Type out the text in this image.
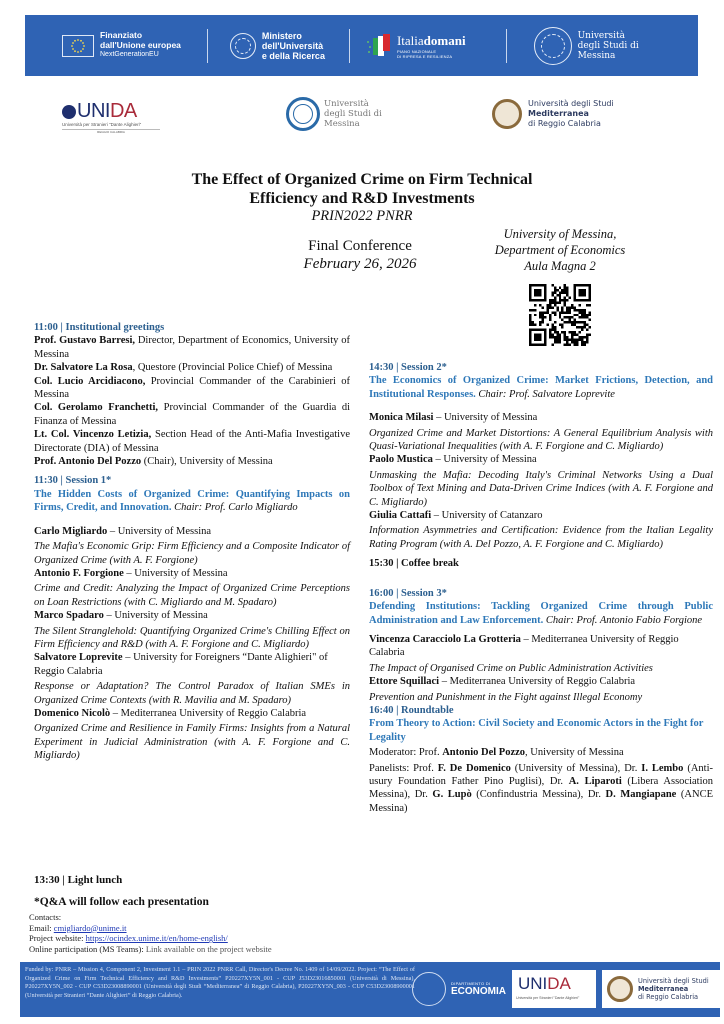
Finanziato
dall'Unione europea
NextGenerationEU
Ministero
dell'Università
e della Ricerca
Italiadomani
PIANO NAZIONALE
DI RIPRESA E RESILIENZA
Università
degli Studi di
Messina
UNIDA
Università per Stranieri "Dante Alighieri"
REGGIO CALABRIA
Università
degli Studi di
Messina
Università degli Studi
Mediterranea
di Reggio Calabria
The Effect of Organized Crime on Firm Technical
Efficiency and R&D Investments
PRIN2022 PNRR
Final Conference
February 26, 2026
University of Messina,
Department of Economics
Aula Magna 2

11:00 | Institutional greetings

Prof. Gustavo Barresi, Director, Department of Economics, University of Messina

Dr. Salvatore La Rosa, Questore (Provincial Police Chief) of Messina

Col. Lucio Arcidiacono, Provincial Commander of the Carabinieri of Messina

Col. Gerolamo Franchetti, Provincial Commander of the Guardia di Finanza of Messina

Lt. Col. Vincenzo Letizia, Section Head of the Anti-Mafia Investigative Directorate (DIA) of Messina

Prof. Antonio Del Pozzo (Chair), University of Messina

11:30 | Session 1*

The Hidden Costs of Organized Crime: Quantifying Impacts on Firms, Credit, and Innovation. Chair: Prof. Carlo Migliardo

Carlo Migliardo – University of Messina

The Mafia's Economic Grip: Firm Efficiency and a Composite Indicator of Organized Crime (with A. F. Forgione)

Antonio F. Forgione – University of Messina

Crime and Credit: Analyzing the Impact of Organized Crime Perceptions on Loan Restrictions (with C. Migliardo and M. Spadaro)

Marco Spadaro – University of Messina

The Silent Stranglehold: Quantifying Organized Crime's Chilling Effect on Firm Efficiency and R&D (with A. F. Forgione and C. Migliardo)

Salvatore Loprevite – University for Foreigners “Dante Alighieri" of Reggio Calabria

Response or Adaptation? The Control Paradox of Italian SMEs in Organized Crime Contexts (with R. Mavilia and M. Spadaro)

Domenico Nicolò – Mediterranea University of Reggio Calabria

Organized Crime and Resilience in Family Firms: Insights from a Natural Experiment in Judicial Administration (with A. F. Forgione and C. Migliardo)

13:30 | Light lunch
*Q&A will follow each presentation
Contacts:
Email: cmigliardo@unime.it
Project website: https://ocindex.unime.it/en/home-english/
Online participation (MS Teams): Link available on the project website

14:30 | Session 2*

The Economics of Organized Crime: Market Frictions, Detection, and Institutional Responses. Chair: Prof. Salvatore Loprevite

Monica Milasi – University of Messina

Organized Crime and Market Distortions: A General Equilibrium Analysis with Quasi-Variational Inequalities (with A. F. Forgione and C. Migliardo)

Paolo Mustica – University of Messina

Unmasking the Mafia: Decoding Italy's Criminal Networks Using a Dual Toolbox of Text Mining and Data-Driven Crime Indices (with A. F. Forgione and C. Migliardo)

Giulia Cattafi – University of Catanzaro

Information Asymmetries and Certification: Evidence from the Italian Legality Rating Program (with A. Del Pozzo, A. F. Forgione and C. Migliardo)

15:30 | Coffee break

16:00 | Session 3*

Defending Institutions: Tackling Organized Crime through Public Administration and Law Enforcement. Chair: Prof. Antonio Fabio Forgione

Vincenza Caracciolo La Grotteria – Mediterranea University of Reggio Calabria

The Impact of Organised Crime on Public Administration Activities

Ettore Squillaci – Mediterranea University of Reggio Calabria

Prevention and Punishment in the Fight against Illegal Economy

16:40 | Roundtable

From Theory to Action: Civil Society and Economic Actors in the Fight for Legality

Moderator: Prof. Antonio Del Pozzo, University of Messina

Panelists: Prof. F. De Domenico (University of Messina), Dr. I. Lembo (Anti-usury Foundation Father Pino Puglisi), Dr. A. Liparoti (Libera Association Messina), Dr. G. Lupò (Confindustria Messina), Dr. D. Mangiapane (ANCE Messina)

Funded by: PNRR – Mission 4, Component 2, Investment 1.1 – PRIN 2022 PNRR Call, Director's Decree No. 1409 of 14/09/2022. Project: “The Effect of Organized Crime on Firm Technical Efficiency and R&D Investments” P20227XY5N_001 - CUP J53D23016850001 (Università di Messina), P20227XY5N_002 - CUP C53D23008890001 (Università degli Studi “Mediterranea” di Reggio Calabria), P20227XY5N_003 - CUP C53D23008900001 (Università per Stranieri “Dante Alighieri” di Reggio Calabria).
DIPARTIMENTO DI
ECONOMIA UNIDA
Università per Stranieri "Dante Alighieri"
Università degli Studi
Mediterranea
di Reggio Calabria
